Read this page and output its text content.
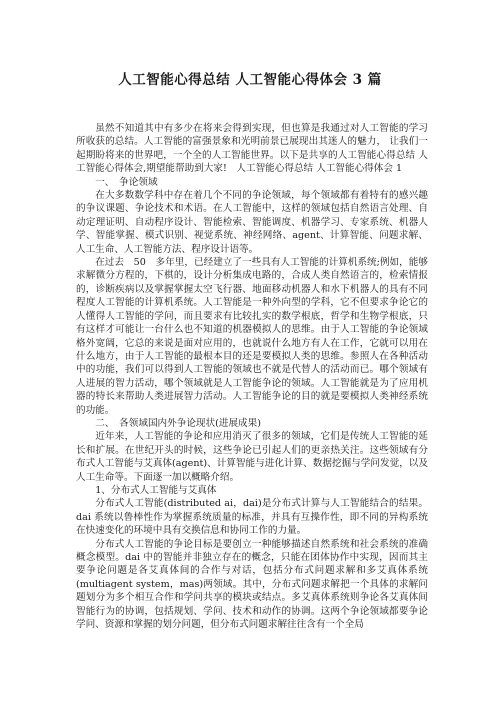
人工智能心得总结 人工智能心得体会 3 篇

虽然不知道其中有多少在将来会得到实现，但也算是我通过对人工智能的学习所收获的总结。人工智能的富强景象和光明前景已展现出其迷人的魅力， 让我们一起期盼将来的世界吧，一个全的人工智能世界。以下是共享的人工智能心得总结 人工智能心得体会,期望能帮助到大家!　人工智能心得总结 人工智能心得体会 1

一、　争论领域

在大多数数学科中存在着几个不同的争论领域，每个领域都有着特有的感兴趣的争议课题、争论技术和术语。在人工智能中，这样的领域包括自然语言处理、自动定理证明、自动程序设计、智能检索、智能调度、机器学习、专家系统、机器人学、智能掌握、模式识别、视觉系统、神经网络、agent、计算智能、问题求解、人工生命、人工智能方法、程序设计语等。

在过去　50　多年里，已经建立了一些具有人工智能的计算机系统;例如，能够求解微分方程的，下棋的，设计分析集成电路的，合成人类自然语言的，检索情报的，诊断疾病以及掌握掌握太空飞行器、地面移动机器人和水下机器人的具有不同程度人工智能的计算机系统。人工智能是一种外向型的学科，它不但要求争论它的人懂得人工智能的学问，而且要求有比较扎实的数学根底，哲学和生物学根底，只有这样才可能让一台什么也不知道的机器模拟人的思维。由于人工智能的争论领域格外宽阔，它总的来说是面对应用的，也就说什么地方有人在工作，它就可以用在什么地方，由于人工智能的最根本目的还是要模拟人类的思维。参照人在各种活动中的功能，我们可以得到人工智能的领域也不就是代替人的活动而已。哪个领域有人进展的智力活动，哪个领域就是人工智能争论的领域。人工智能就是为了应用机器的特长来帮助人类进展智力活动。人工智能争论的目的就是要模拟人类神经系统的功能。

二、　各领域国内外争论现状(进展成果)

近年来，人工智能的争论和应用消灭了很多的领域，它们是传统人工智能的延长和扩展。在世纪开头的时候，这些争论已引起人们的更亲热关注。这些领域有分布式人工智能与艾真体(agent)、计算智能与进化计算、数据挖掘与学问发觉，以及人工生命等。下面逐一加以概略介绍。

1、分布式人工智能与艾真体

分布式人工智能(distributed ai，dai)是分布式计算与人工智能结合的结果。dai 系统以鲁棒性作为掌握系统质量的标准，并具有互操作性，即不同的异构系统在快速变化的环境中具有交换信息和协同工作的力量。

分布式人工智能的争论目标是要创立一种能够描述自然系统和社会系统的准确概念模型。dai 中的智能并非独立存在的概念，只能在团体协作中实现，因而其主要争论问题是各艾真体间的合作与对话，包括分布式问题求解和多艾真体系统(multiagent system，mas)两领域。其中，分布式问题求解把一个具体的求解问题划分为多个相互合作和学问共享的模块或结点。多艾真体系统则争论各艾真体间智能行为的协调，包括规划、学问、技术和动作的协调。这两个争论领域都要争论学问、资源和掌握的划分问题，但分布式问题求解往往含有一个全局
